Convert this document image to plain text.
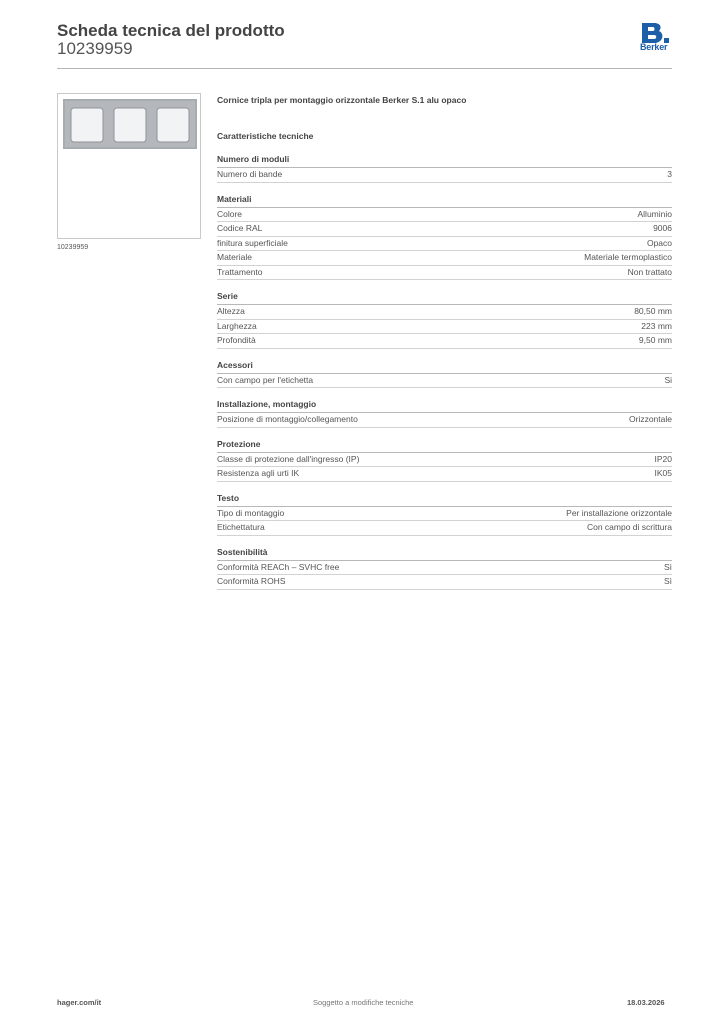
Scheda tecnica del prodotto
10239959	Berker
10239959
Cornice tripla per montaggio orizzontale Berker S.1 alu opaco
Caratteristiche tecniche
Numero di moduli
Numero di bande	3
Materiali
Colore	Alluminio
Codice RAL	9006
finitura superficiale	Opaco
Materiale	Materiale termoplastico
Trattamento	Non trattato
Serie
Altezza	80,50 mm
Larghezza	223 mm
Profondità	9,50 mm
Acessori
Con campo per l'etichetta	Si
Installazione, montaggio
Posizione di montaggio/collegamento	Orizzontale
Protezione
Classe di protezione dall'ingresso (IP)	IP20
Resistenza agli urti IK	IK05
Testo
Tipo di montaggio	Per installazione orizzontale
Etichettatura	Con campo di scrittura
Sostenibilità
Conformità REACh – SVHC free	Sì
Conformità ROHS	Sì
hager.com/it	Soggetto a modifiche tecniche	18.03.2026
